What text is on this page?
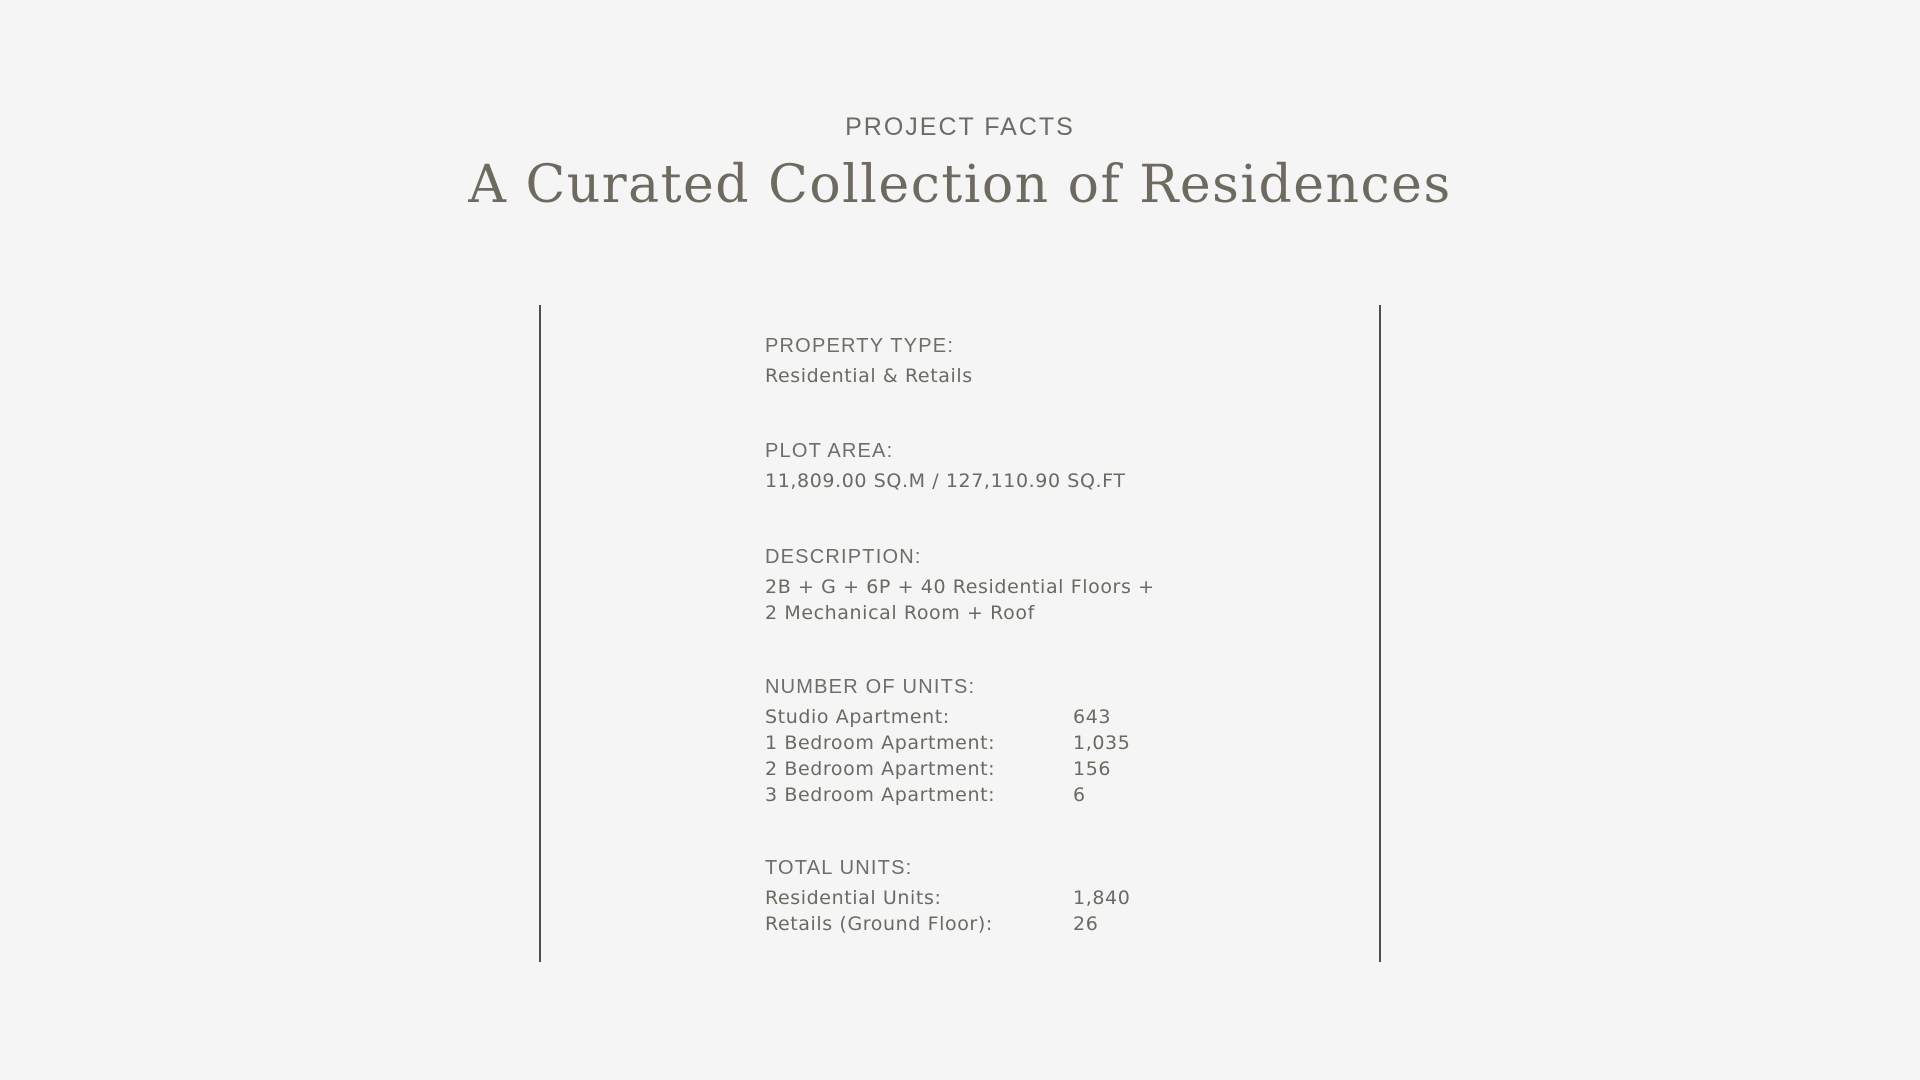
PROJECT FACTS
A Curated Collection of Residences
PROPERTY TYPE:
Residential & Retails
PLOT AREA:
11,809.00 SQ.M / 127,110.90 SQ.FT
DESCRIPTION:
2B + G + 6P + 40 Residential Floors +
2 Mechanical Room + Roof
NUMBER OF UNITS:
Studio Apartment:	643
1 Bedroom Apartment:	1,035
2 Bedroom Apartment:	156
3 Bedroom Apartment:	6
TOTAL UNITS:
Residential Units:	1,840
Retails (Ground Floor):	26
